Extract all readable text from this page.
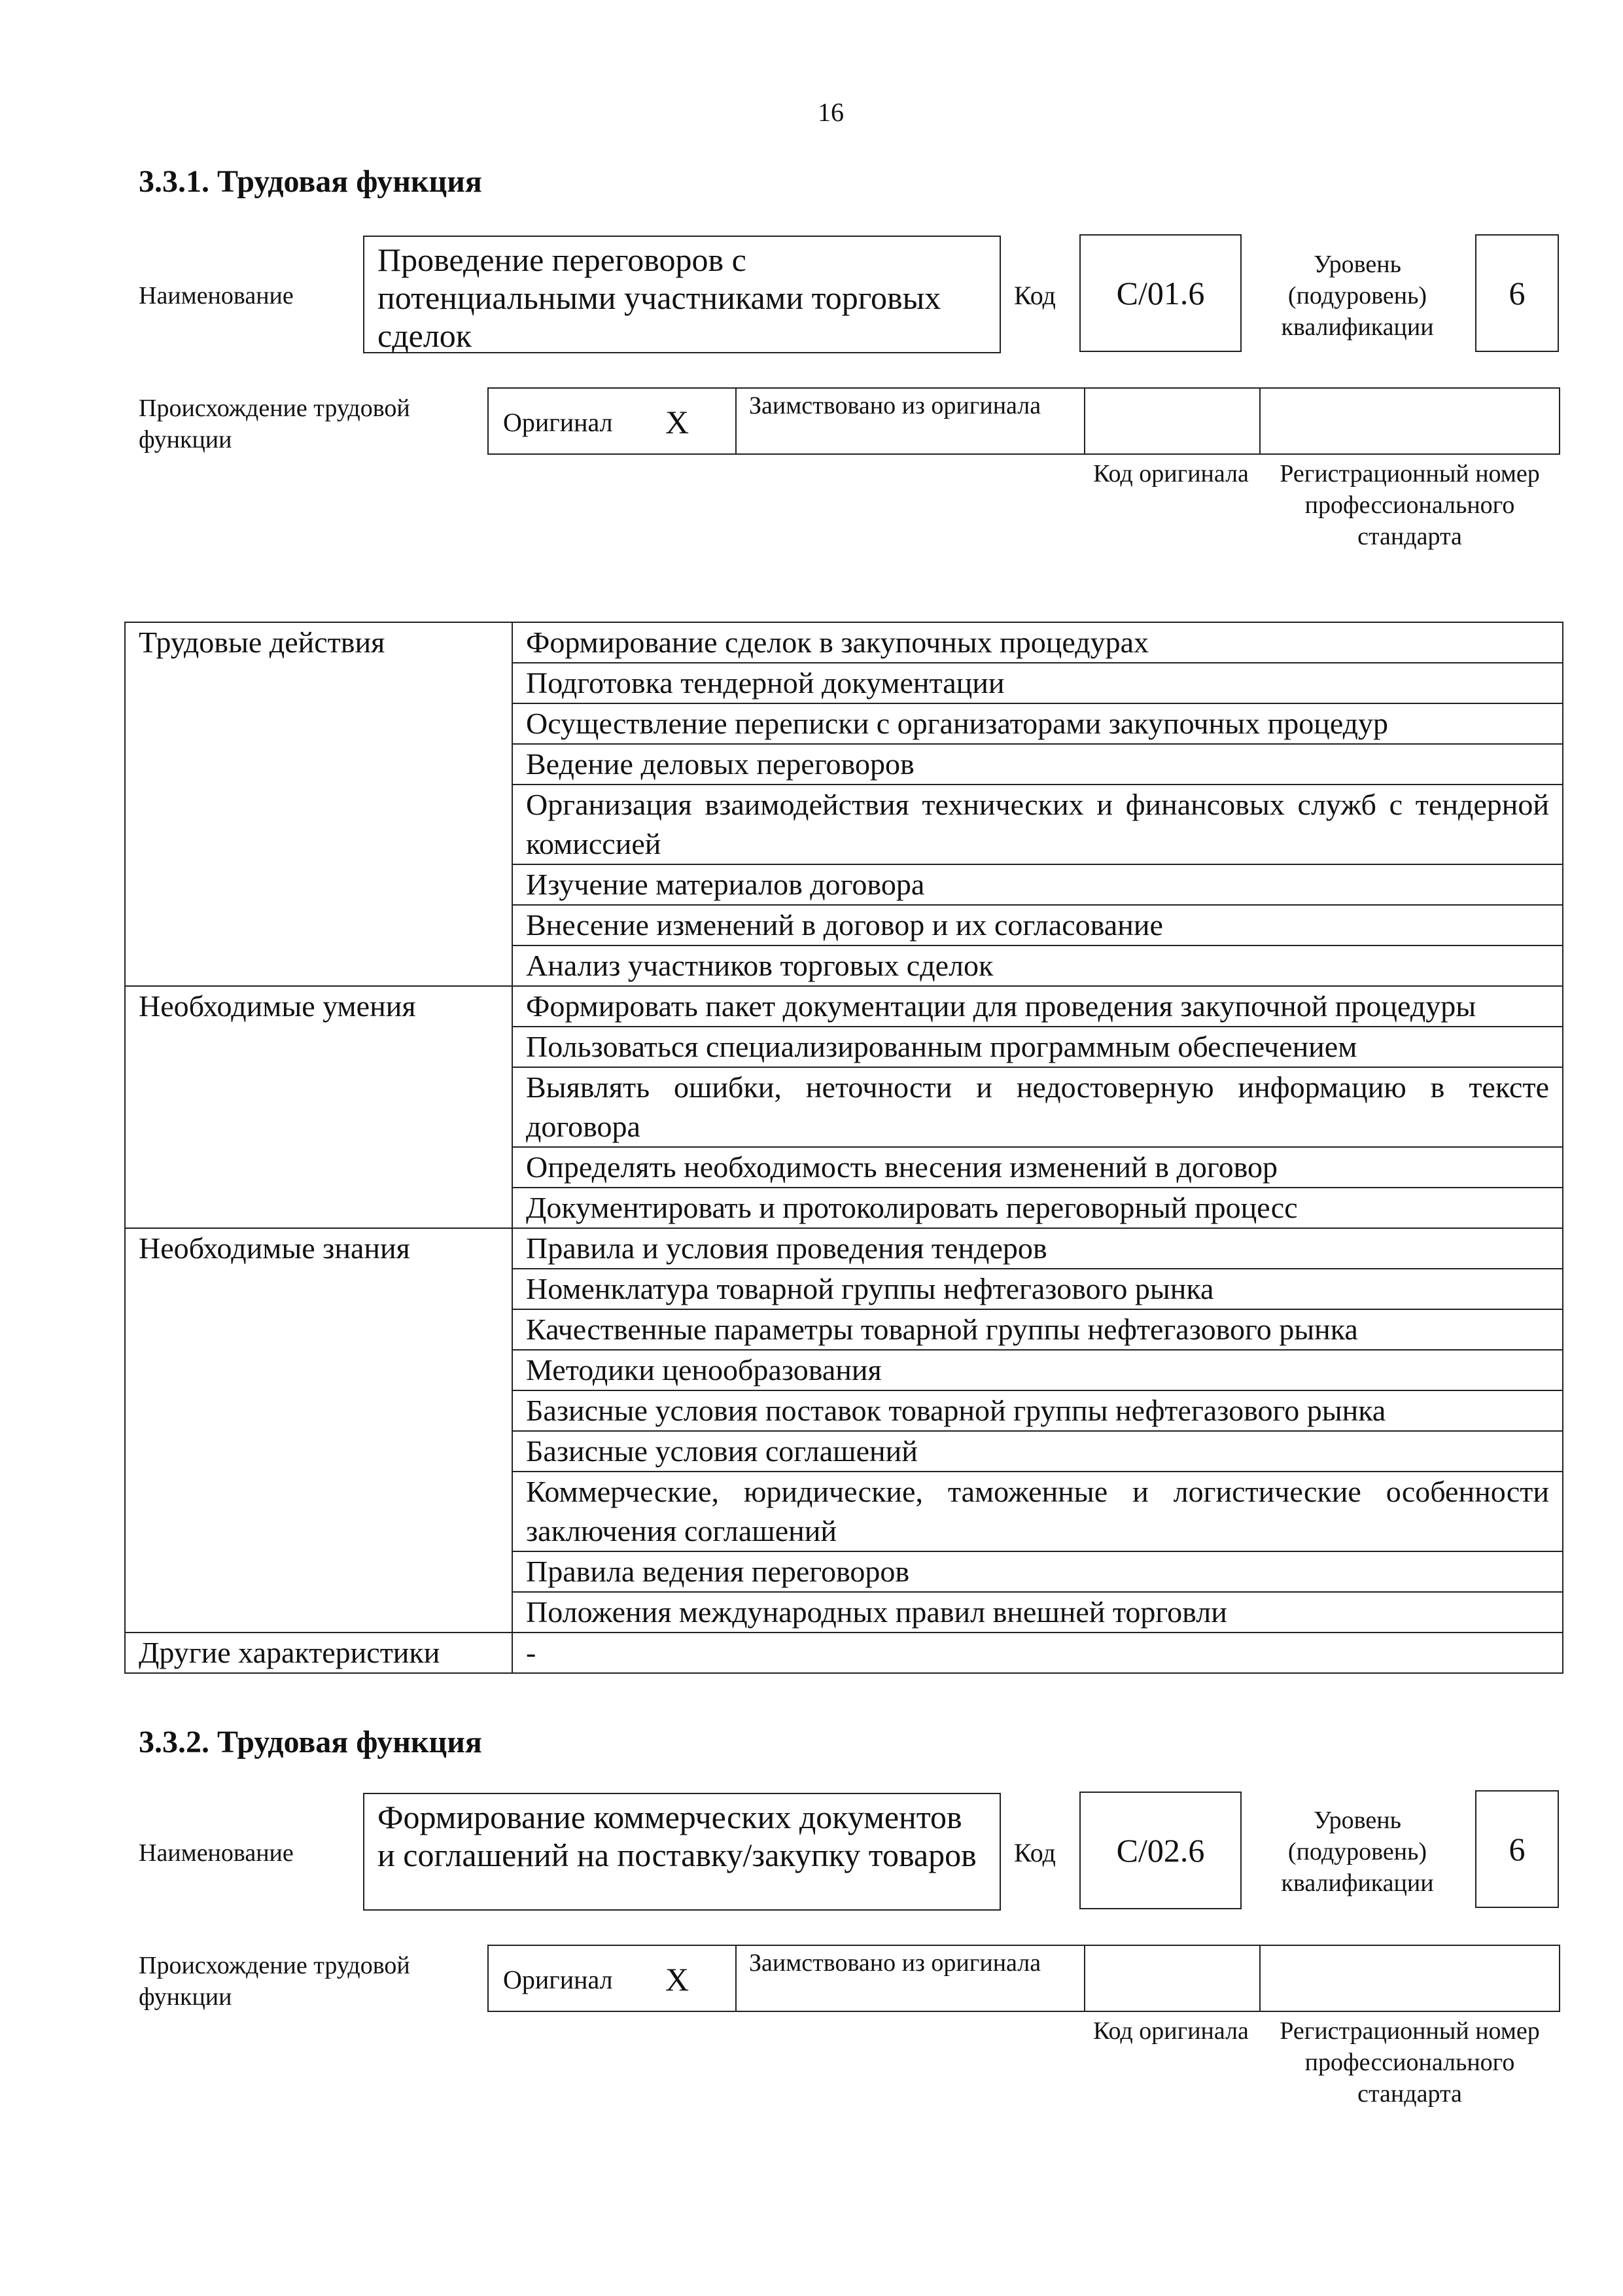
16
3.3.1. Трудовая функция
Наименование
Проведение переговоров с потенциальными участниками торговых сделок
Код	C/01.6
Уровень
(подуровень)
квалификации
6
Происхождение трудовой функции
Оригинал X Заимствовано из оригинала
Код оригинала	Регистрационный номер профессионального стандарта
Трудовые действия	Формирование сделок в закупочных процедурах
	Подготовка тендерной документации
	Осуществление переписки с организаторами закупочных процедур
	Ведение деловых переговоров
	Организация взаимодействия технических и финансовых служб с тендерной комиссией
	Изучение материалов договора
	Внесение изменений в договор и их согласование
	Анализ участников торговых сделок
Необходимые умения	Формировать пакет документации для проведения закупочной процедуры
	Пользоваться специализированным программным обеспечением
	Выявлять ошибки, неточности и недостоверную информацию в тексте договора
	Определять необходимость внесения изменений в договор
	Документировать и протоколировать переговорный процесс
Необходимые знания	Правила и условия проведения тендеров
	Номенклатура товарной группы нефтегазового рынка
	Качественные параметры товарной группы нефтегазового рынка
	Методики ценообразования
	Базисные условия поставок товарной группы нефтегазового рынка
	Базисные условия соглашений
	Коммерческие, юридические, таможенные и логистические особенности заключения соглашений
	Правила ведения переговоров
	Положения международных правил внешней торговли
Другие характеристики	-
3.3.2. Трудовая функция
Наименование
Формирование коммерческих документов и соглашений на поставку/закупку товаров	Код	C/02.6
Уровень
(подуровень)
квалификации
6
Происхождение трудовой функции
Оригинал X Заимствовано из оригинала
Код оригинала	Регистрационный номер профессионального стандарта
